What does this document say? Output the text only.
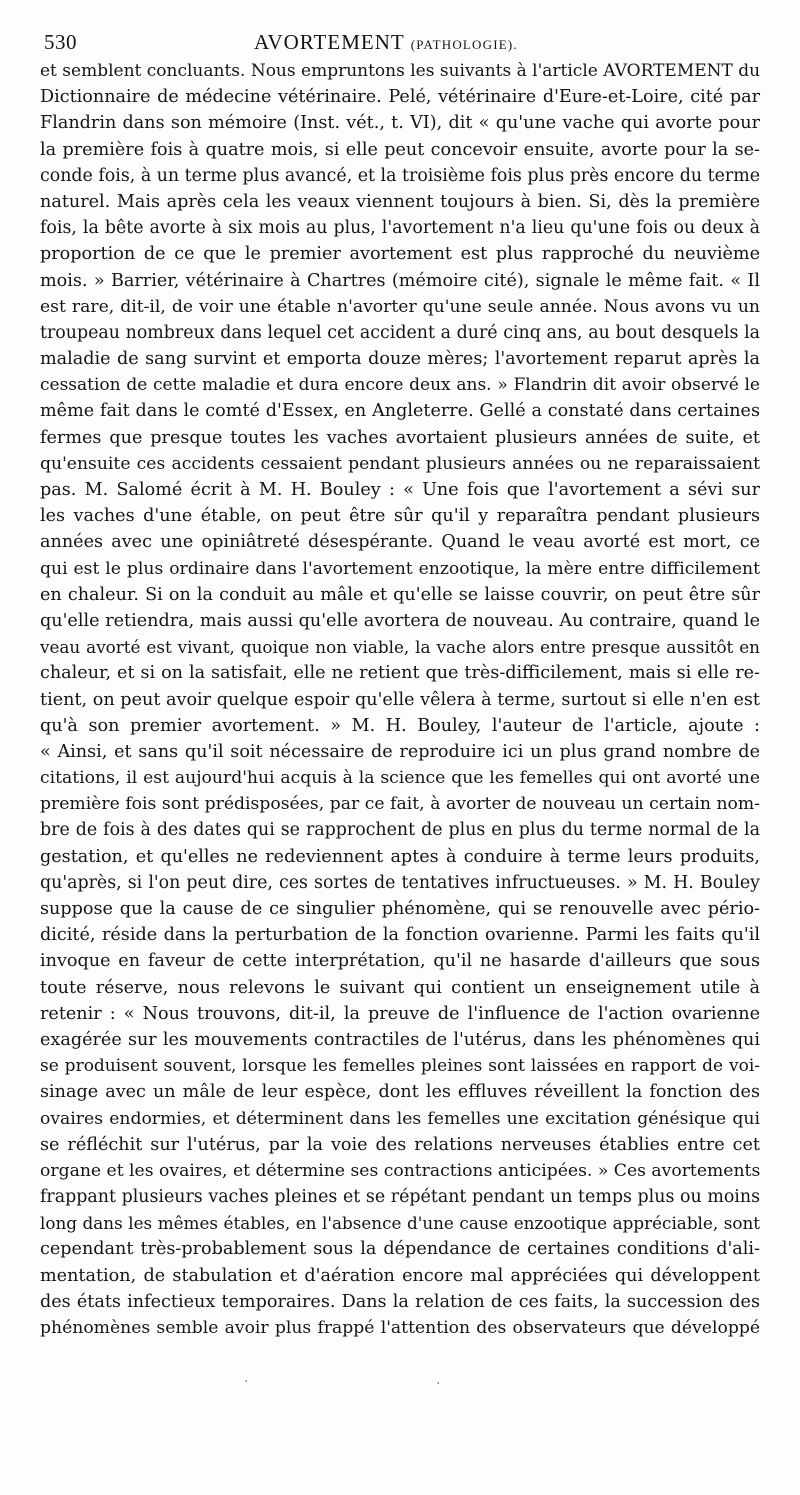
530	AVORTEMENT (PATHOLOGIE).
et semblent concluants. Nous empruntons les suivants à l'article AVORTEMENT du
Dictionnaire de médecine vétérinaire. Pelé, vétérinaire d'Eure-et-Loire, cité par
Flandrin dans son mémoire (Inst. vét., t. VI), dit « qu'une vache qui avorte pour
la première fois à quatre mois, si elle peut concevoir ensuite, avorte pour la se-
conde fois, à un terme plus avancé, et la troisième fois plus près encore du terme
naturel. Mais après cela les veaux viennent toujours à bien. Si, dès la première
fois, la bête avorte à six mois au plus, l'avortement n'a lieu qu'une fois ou deux à
proportion de ce que le premier avortement est plus rapproché du neuvième
mois. » Barrier, vétérinaire à Chartres (mémoire cité), signale le même fait. « Il
est rare, dit-il, de voir une étable n'avorter qu'une seule année. Nous avons vu un
troupeau nombreux dans lequel cet accident a duré cinq ans, au bout desquels la
maladie de sang survint et emporta douze mères; l'avortement reparut après la
cessation de cette maladie et dura encore deux ans. » Flandrin dit avoir observé le
même fait dans le comté d'Essex, en Angleterre. Gellé a constaté dans certaines
fermes que presque toutes les vaches avortaient plusieurs années de suite, et
qu'ensuite ces accidents cessaient pendant plusieurs années ou ne reparaissaient
pas. M. Salomé écrit à M. H. Bouley : « Une fois que l'avortement a sévi sur
les vaches d'une étable, on peut être sûr qu'il y reparaîtra pendant plusieurs
années avec une opiniâtreté désespérante. Quand le veau avorté est mort, ce
qui est le plus ordinaire dans l'avortement enzootique, la mère entre difficilement
en chaleur. Si on la conduit au mâle et qu'elle se laisse couvrir, on peut être sûr
qu'elle retiendra, mais aussi qu'elle avortera de nouveau. Au contraire, quand le
veau avorté est vivant, quoique non viable, la vache alors entre presque aussitôt en
chaleur, et si on la satisfait, elle ne retient que très-difficilement, mais si elle re-
tient, on peut avoir quelque espoir qu'elle vêlera à terme, surtout si elle n'en est
qu'à son premier avortement. » M. H. Bouley, l'auteur de l'article, ajoute :
« Ainsi, et sans qu'il soit nécessaire de reproduire ici un plus grand nombre de
citations, il est aujourd'hui acquis à la science que les femelles qui ont avorté une
première fois sont prédisposées, par ce fait, à avorter de nouveau un certain nom-
bre de fois à des dates qui se rapprochent de plus en plus du terme normal de la
gestation, et qu'elles ne redeviennent aptes à conduire à terme leurs produits,
qu'après, si l'on peut dire, ces sortes de tentatives infructueuses. » M. H. Bouley
suppose que la cause de ce singulier phénomène, qui se renouvelle avec pério-
dicité, réside dans la perturbation de la fonction ovarienne. Parmi les faits qu'il
invoque en faveur de cette interprétation, qu'il ne hasarde d'ailleurs que sous
toute réserve, nous relevons le suivant qui contient un enseignement utile à
retenir : « Nous trouvons, dit-il, la preuve de l'influence de l'action ovarienne
exagérée sur les mouvements contractiles de l'utérus, dans les phénomènes qui
se produisent souvent, lorsque les femelles pleines sont laissées en rapport de voi-
sinage avec un mâle de leur espèce, dont les effluves réveillent la fonction des
ovaires endormies, et déterminent dans les femelles une excitation génésique qui
se réfléchit sur l'utérus, par la voie des relations nerveuses établies entre cet
organe et les ovaires, et détermine ses contractions anticipées. » Ces avortements
frappant plusieurs vaches pleines et se répétant pendant un temps plus ou moins
long dans les mêmes étables, en l'absence d'une cause enzootique appréciable, sont
cependant très-probablement sous la dépendance de certaines conditions d'ali-
mentation, de stabulation et d'aération encore mal appréciées qui développent
des états infectieux temporaires. Dans la relation de ces faits, la succession des
phénomènes semble avoir plus frappé l'attention des observateurs que développé
·	·
